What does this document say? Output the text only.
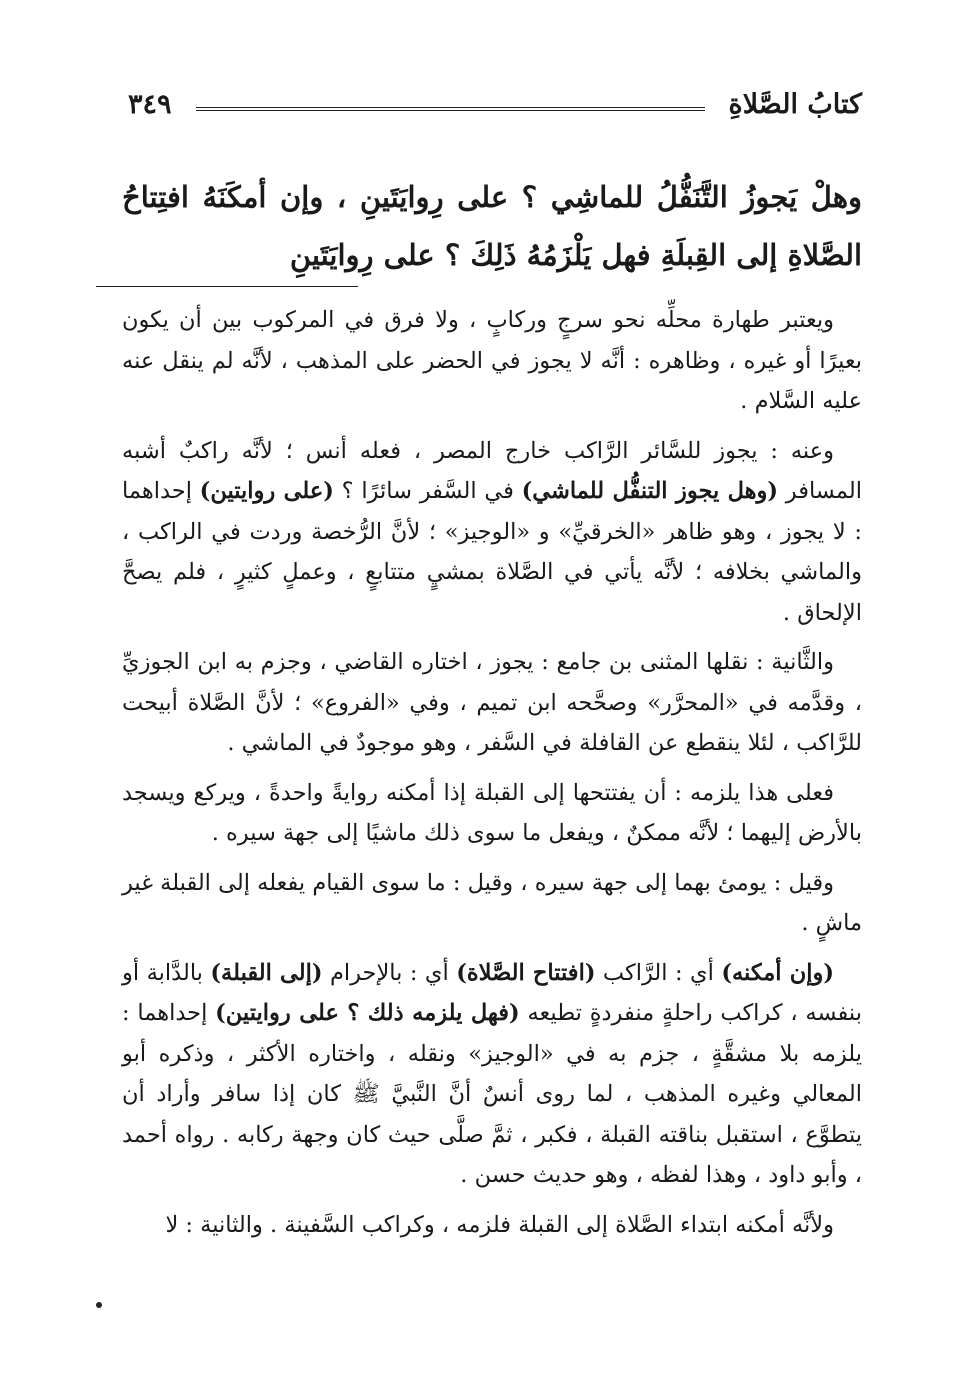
كتابُ الصَّلاةِ
٣٤٩
وهلْ يَجوزُ التَّنَفُّلُ للماشِي ؟ على رِوايَتَينِ ، وإن أمكَنَهُ افتِتاحُ الصَّلاةِ إلى القِبلَةِ فهل يَلْزَمُهُ ذَلِكَ ؟ على رِوايَتَينِ

ويعتبر طهارة محلِّه نحو سرجٍ وركابٍ ، ولا فرق في المركوب بين أن يكون بعيرًا أو غيره ، وظاهره : أنَّه لا يجوز في الحضر على المذهب ، لأنَّه لم ينقل عنه عليه السَّلام .

وعنه : يجوز للسَّائر الرَّاكب خارج المصر ، فعله أنس ؛ لأنَّه راكبٌ أشبه المسافر (وهل يجوز التنفُّل للماشي) في السَّفر سائرًا ؟ (على روايتين) إحداهما : لا يجوز ، وهو ظاهر «الخرقيِّ» و «الوجيز» ؛ لأنَّ الرُّخصة وردت في الراكب ، والماشي بخلافه ؛ لأنَّه يأتي في الصَّلاة بمشيٍ متتابعٍ ، وعملٍ كثيرٍ ، فلم يصحَّ الإلحاق .

والثَّانية : نقلها المثنى بن جامع : يجوز ، اختاره القاضي ، وجزم به ابن الجوزيِّ ، وقدَّمه في «المحرَّر» وصحَّحه ابن تميم ، وفي «الفروع» ؛ لأنَّ الصَّلاة أبيحت للرَّاكب ، لئلا ينقطع عن القافلة في السَّفر ، وهو موجودٌ في الماشي .

فعلى هذا يلزمه : أن يفتتحها إلى القبلة إذا أمكنه روايةً واحدةً ، ويركع ويسجد بالأرض إليهما ؛ لأنَّه ممكنٌ ، ويفعل ما سوى ذلك ماشيًا إلى جهة سيره .

وقيل : يومئ بهما إلى جهة سيره ، وقيل : ما سوى القيام يفعله إلى القبلة غير ماشٍ .

(وإن أمكنه) أي : الرَّاكب (افتتاح الصَّلاة) أي : بالإحرام (إلى القبلة) بالدَّابة أو بنفسه ، كراكب راحلةٍ منفردةٍ تطيعه (فهل يلزمه ذلك ؟ على روايتين) إحداهما : يلزمه بلا مشقَّةٍ ، جزم به في «الوجيز» ونقله ، واختاره الأكثر ، وذكره أبو المعالي وغيره المذهب ، لما روى أنسٌ أنَّ النَّبيَّ ﷺ كان إذا سافر وأراد أن يتطوَّع ، استقبل بناقته القبلة ، فكبر ، ثمَّ صلَّى حيث كان وجهة ركابه . رواه أحمد ، وأبو داود ، وهذا لفظه ، وهو حديث حسن .

ولأنَّه أمكنه ابتداء الصَّلاة إلى القبلة فلزمه ، وكراكب السَّفينة . والثانية : لا
